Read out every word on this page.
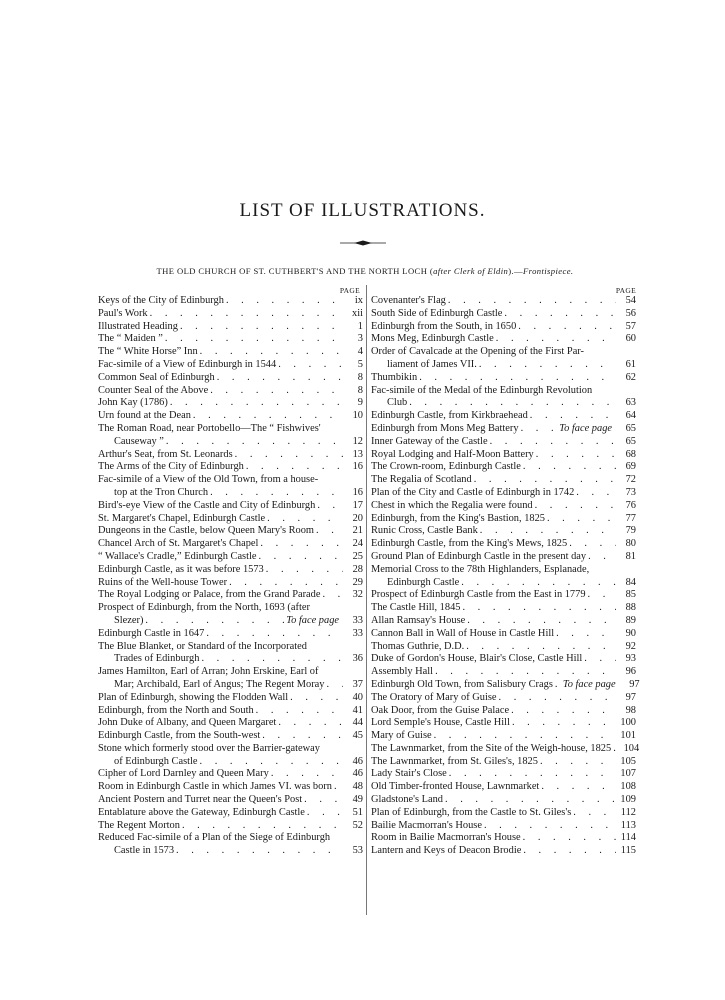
LIST OF ILLUSTRATIONS.
THE OLD CHURCH OF ST. CUTHBERT'S AND THE NORTH LOCH (after Clerk of Eldin).—Frontispiece.
PAGE
Keys of the City of Edinburgh . . .	ix
Paul's Work . . .	xii
Illustrated Heading . . .	1
The “ Maiden ” . . .	3
The “ White Horse” Inn . . .	4
Fac-simile of a View of Edinburgh in 1544 . . .	5
Common Seal of Edinburgh . . .	8
Counter Seal of the Above . . .	8
John Kay (1786) . . .	9
Urn found at the Dean . . .	10
The Roman Road, near Portobello—The “ Fishwives'
Causeway ” . . .	12
Arthur's Seat, from St. Leonards . . .	13
The Arms of the City of Edinburgh . . .	16
Fac-simile of a View of the Old Town, from a house-
top at the Tron Church . . .	16
Bird's-eye View of the Castle and City of Edinburgh . . .	17
St. Margaret's Chapel, Edinburgh Castle . . .	20
Dungeons in the Castle, below Queen Mary's Room . . .	21
Chancel Arch of St. Margaret's Chapel . . .	24
“ Wallace's Cradle,” Edinburgh Castle . . .	25
Edinburgh Castle, as it was before 1573 . . .	28
Ruins of the Well-house Tower . . .	29
The Royal Lodging or Palace, from the Grand Parade . . .	32
Prospect of Edinburgh, from the North, 1693 (after
Slezer) . . .	To face page	33
Edinburgh Castle in 1647 . . .	33
The Blue Blanket, or Standard of the Incorporated
Trades of Edinburgh . . .	36
James Hamilton, Earl of Arran; John Erskine, Earl of
Mar; Archibald, Earl of Angus; The Regent Moray . . .	37
Plan of Edinburgh, showing the Flodden Wall . . .	40
Edinburgh, from the North and South . . .	41
John Duke of Albany, and Queen Margaret . . .	44
Edinburgh Castle, from the South-west . . .	45
Stone which formerly stood over the Barrier-gateway
of Edinburgh Castle . . .	46
Cipher of Lord Darnley and Queen Mary . . .	46
Room in Edinburgh Castle in which James VI. was born . . .	48
Ancient Postern and Turret near the Queen's Post . . .	49
Entablature above the Gateway, Edinburgh Castle . . .	51
The Regent Morton . . .	52
Reduced Fac-simile of a Plan of the Siege of Edinburgh
Castle in 1573 . . .	53
PAGE
Covenanter's Flag . . .	54
South Side of Edinburgh Castle . . .	56
Edinburgh from the South, in 1650 . . .	57
Mons Meg, Edinburgh Castle . . .	60
Order of Cavalcade at the Opening of the First Par-
liament of James VII. . . .	61
Thumbikin . . .	62
Fac-simile of the Medal of the Edinburgh Revolution
Club . . .	63
Edinburgh Castle, from Kirkbraehead . . .	64
Edinburgh from Mons Meg Battery . . .	To face page	65
Inner Gateway of the Castle . . .	65
Royal Lodging and Half-Moon Battery . . .	68
The Crown-room, Edinburgh Castle . . .	69
The Regalia of Scotland . . .	72
Plan of the City and Castle of Edinburgh in 1742 . . .	73
Chest in which the Regalia were found . . .	76
Edinburgh, from the King's Bastion, 1825 . . .	77
Runic Cross, Castle Bank . . .	79
Edinburgh Castle, from the King's Mews, 1825 . . .	80
Ground Plan of Edinburgh Castle in the present day . . .	81
Memorial Cross to the 78th Highlanders, Esplanade,
Edinburgh Castle . . .	84
Prospect of Edinburgh Castle from the East in 1779 . . .	85
The Castle Hill, 1845 . . .	88
Allan Ramsay's House . . .	89
Cannon Ball in Wall of House in Castle Hill . . .	90
Thomas Guthrie, D.D. . . .	92
Duke of Gordon's House, Blair's Close, Castle Hill . . .	93
Assembly Hall . . .	96
Edinburgh Old Town, from Salisbury Crags . . . To face page	97
The Oratory of Mary of Guise . . .	97
Oak Door, from the Guise Palace . . .	98
Lord Semple's House, Castle Hill . . .	100
Mary of Guise . . .	101
The Lawnmarket, from the Site of the Weigh-house, 1825 . . . 104
The Lawnmarket, from St. Giles's, 1825 . . .	105
Lady Stair's Close . . .	107
Old Timber-fronted House, Lawnmarket . . .	108
Gladstone's Land . . .	109
Plan of Edinburgh, from the Castle to St. Giles's . . .	112
Bailie Macmorran's House . . .	113
Room in Bailie Macmorran's House . . .	114
Lantern and Keys of Deacon Brodie . . .	115
